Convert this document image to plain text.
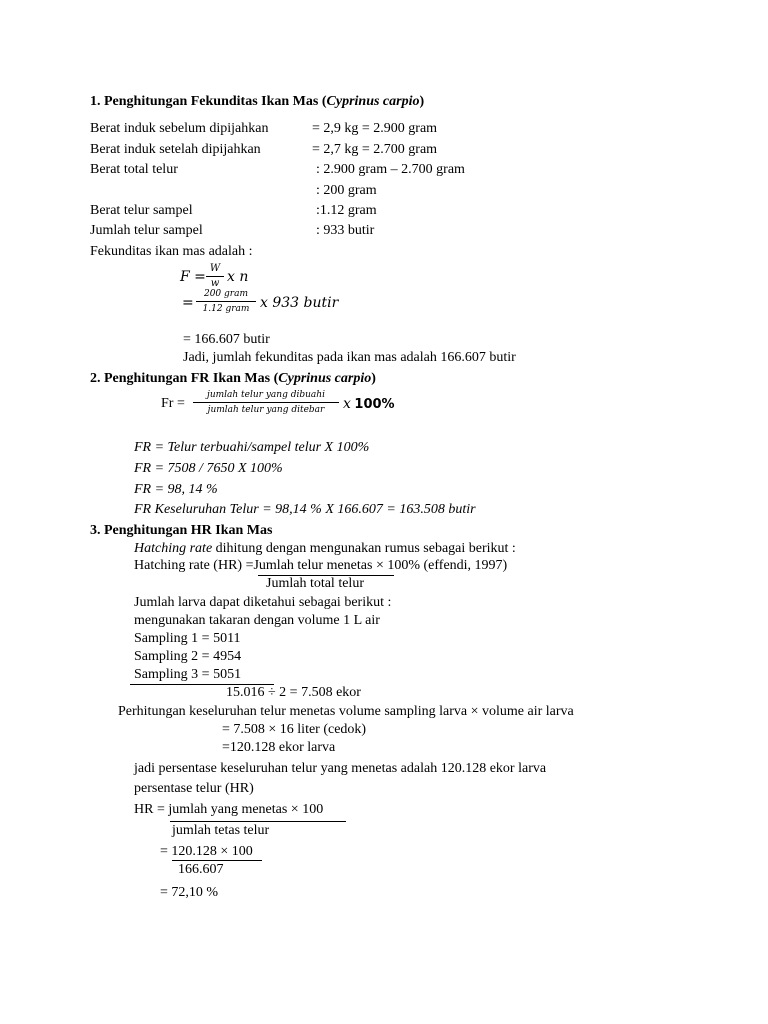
1. Penghitungan Fekunditas Ikan Mas (Cyprinus carpio)
Berat induk sebelum dipijahkan	= 2,9 kg = 2.900 gram
Berat induk setelah dipijahkan	= 2,7 kg = 2.700 gram
Berat total telur	: 2.900 gram – 2.700 gram
: 200 gram
Berat telur sampel	:1.12 gram
Jumlah telur sampel	: 933 butir
Fekunditas ikan mas adalah :
F =
W
w x n
=
200 gram
1.12 gram x 933 butir
= 166.607 butir
Jadi, jumlah fekunditas pada ikan mas adalah 166.607 butir
2. Penghitungan FR Ikan Mas (Cyprinus carpio)
Fr =
jumlah telur yang dibuahi
jumlah telur yang ditebar	x 100%
FR = Telur terbuahi/sampel telur X 100%
FR = 7508 / 7650 X 100%
FR = 98, 14 %
FR Keseluruhan Telur = 98,14 % X 166.607 = 163.508 butir
3. Penghitungan HR Ikan Mas
Hatching rate dihitung dengan mengunakan rumus sebagai berikut :
Hatching rate (HR) =Jumlah telur menetas × 100% (effendi, 1997)
Jumlah total telur
Jumlah larva dapat diketahui sebagai berikut :
mengunakan takaran dengan volume 1 L air
Sampling 1 = 5011
Sampling 2 = 4954
Sampling 3 = 5051
15.016 ÷ 2 = 7.508 ekor
Perhitungan keseluruhan telur menetas volume sampling larva × volume air larva
= 7.508 × 16 liter (cedok)
=120.128 ekor larva
jadi persentase keseluruhan telur yang menetas adalah 120.128 ekor larva
persentase telur (HR)
HR = jumlah yang menetas × 100
jumlah tetas telur
= 120.128 × 100
166.607
= 72,10 %
